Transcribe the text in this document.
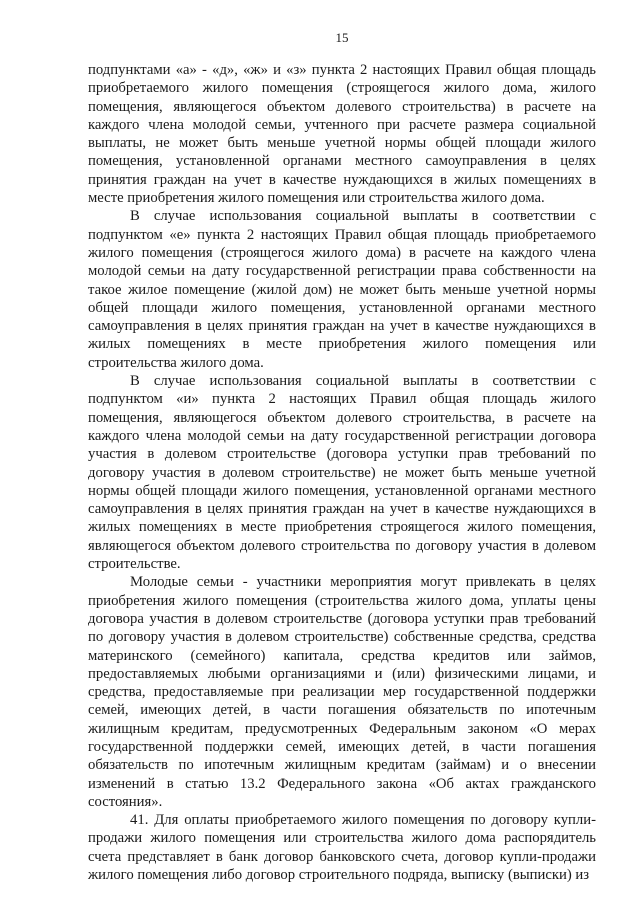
15

подпунктами «а» - «д», «ж» и «з» пункта 2 настоящих Правил общая площадь приобретаемого жилого помещения (строящегося жилого дома, жилого помещения, являющегося объектом долевого строительства) в расчете на каждого члена молодой семьи, учтенного при расчете размера социальной выплаты, не может быть меньше учетной нормы общей площади жилого помещения, установленной органами местного самоуправления в целях принятия граждан на учет в качестве нуждающихся в жилых помещениях в месте приобретения жилого помещения или строительства жилого дома.

В случае использования социальной выплаты в соответствии с подпунктом «е» пункта 2 настоящих Правил общая площадь приобретаемого жилого помещения (строящегося жилого дома) в расчете на каждого члена молодой семьи на дату государственной регистрации права собственности на такое жилое помещение (жилой дом) не может быть меньше учетной нормы общей площади жилого помещения, установленной органами местного самоуправления в целях принятия граждан на учет в качестве нуждающихся в жилых помещениях в месте приобретения жилого помещения или строительства жилого дома.

В случае использования социальной выплаты в соответствии с подпунктом «и» пункта 2 настоящих Правил общая площадь жилого помещения, являющегося объектом долевого строительства, в расчете на каждого члена молодой семьи на дату государственной регистрации договора участия в долевом строительстве (договора уступки прав требований по договору участия в долевом строительстве) не может быть меньше учетной нормы общей площади жилого помещения, установленной органами местного самоуправления в целях принятия граждан на учет в качестве нуждающихся в жилых помещениях в месте приобретения строящегося жилого помещения, являющегося объектом долевого строительства по договору участия в долевом строительстве.

Молодые семьи - участники мероприятия могут привлекать в целях приобретения жилого помещения (строительства жилого дома, уплаты цены договора участия в долевом строительстве (договора уступки прав требований по договору участия в долевом строительстве) собственные средства, средства материнского (семейного) капитала, средства кредитов или займов, предоставляемых любыми организациями и (или) физическими лицами, и средства, предоставляемые при реализации мер государственной поддержки семей, имеющих детей, в части погашения обязательств по ипотечным жилищным кредитам, предусмотренных Федеральным законом «О мерах государственной поддержки семей, имеющих детей, в части погашения обязательств по ипотечным жилищным кредитам (займам) и о внесении изменений в статью 13.2 Федерального закона «Об актах гражданского состояния».

41. Для оплаты приобретаемого жилого помещения по договору купли-продажи жилого помещения или строительства жилого дома распорядитель счета представляет в банк договор банковского счета, договор купли-продажи жилого помещения либо договор строительного подряда, выписку (выписки) из
